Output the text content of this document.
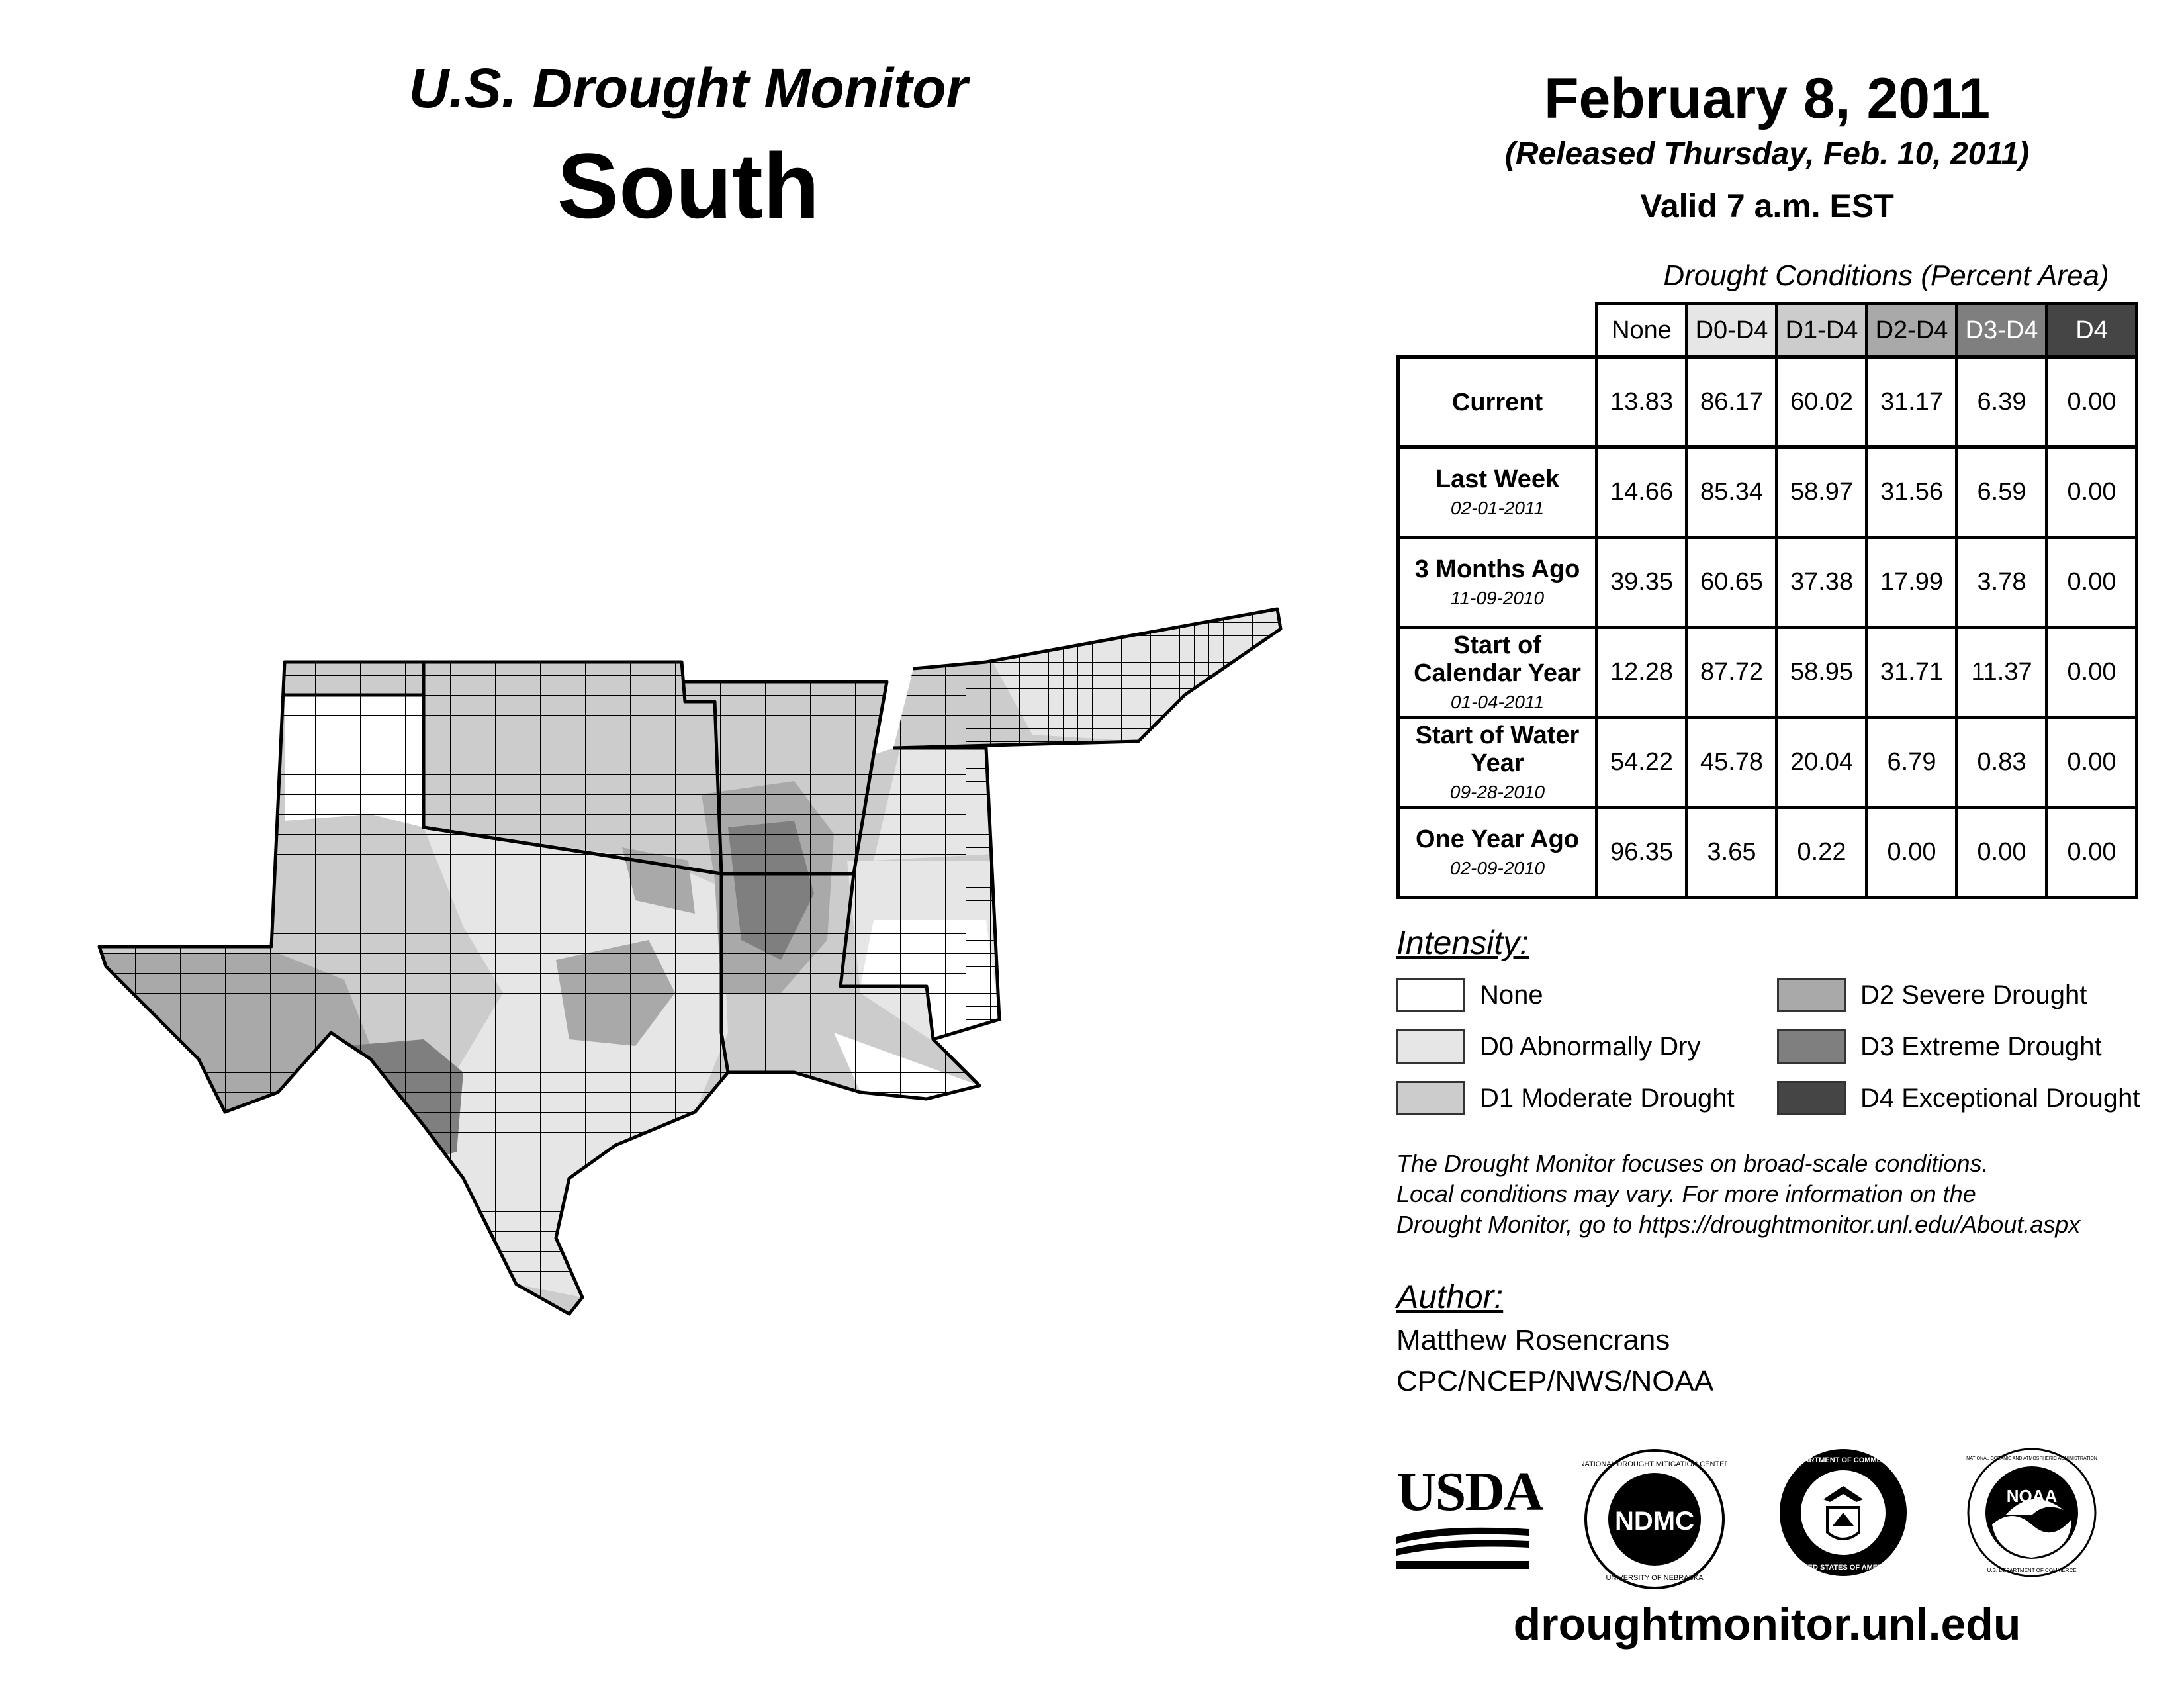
U.S. Drought Monitor
South
February 8, 2011
(Released Thursday, Feb. 10, 2011)
Valid 7 a.m. EST
Drought Conditions (Percent Area)
	None	D0-D4	D1-D4	D2-D4	D3-D4	D4
Current	13.83	86.17	60.02	31.17	6.39	0.00
Last Week
02-01-2011	14.66	85.34	58.97	31.56	6.59	0.00
3 Months Ago
11-09-2010	39.35	60.65	37.38	17.99	3.78	0.00
Start of Calendar Year
01-04-2011	12.28	87.72	58.95	31.71	11.37	0.00
Start of Water Year
09-28-2010	54.22	45.78	20.04	6.79	0.83	0.00
One Year Ago
02-09-2010	96.35	3.65	0.22	0.00	0.00	0.00
Intensity:
None
D0 Abnormally Dry
D1 Moderate Drought
D2 Severe Drought
D3 Extreme Drought
D4 Exceptional Drought
The Drought Monitor focuses on broad-scale conditions.
Local conditions may vary. For more information on the
Drought Monitor, go to https://droughtmonitor.unl.edu/About.aspx
Author:
Matthew Rosencrans
CPC/NCEP/NWS/NOAA
USDA	NDMC
NATIONAL DROUGHT MITIGATION CENTER
UNIVERSITY OF NEBRASKA
DEPARTMENT OF COMMERCE
UNITED STATES OF AMERICA
NOAA
NATIONAL OCEANIC AND ATMOSPHERIC ADMINISTRATION
U.S. DEPARTMENT OF COMMERCE
droughtmonitor.unl.edu
